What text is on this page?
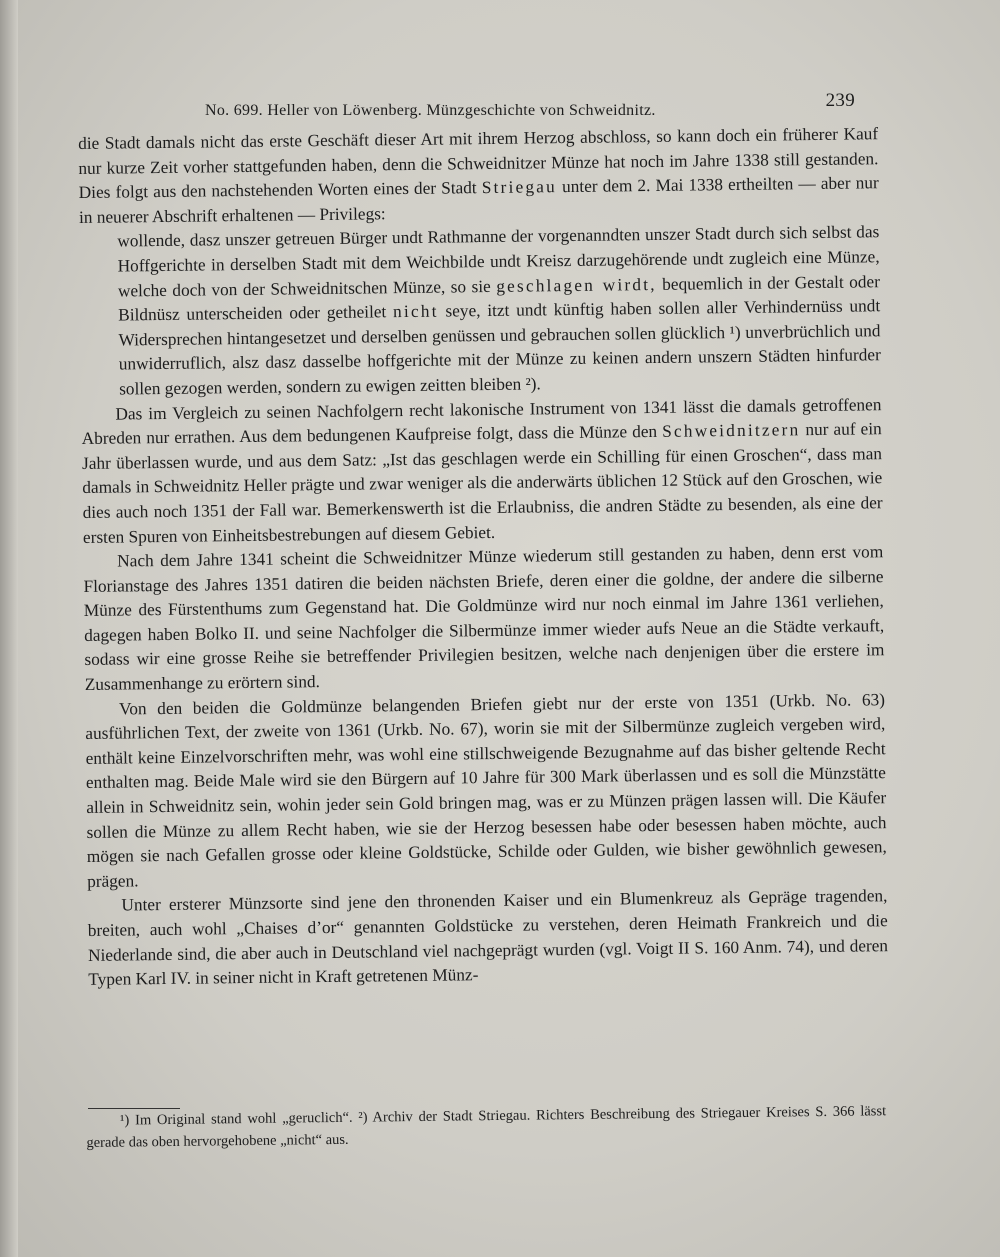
No. 699. Heller von Löwenberg. Münzgeschichte von Schweidnitz.	239

die Stadt damals nicht das erste Geschäft dieser Art mit ihrem Herzog abschloss, so kann doch ein früherer Kauf nur kurze Zeit vorher stattgefunden haben, denn die Schweidnitzer Münze hat noch im Jahre 1338 still gestanden. Dies folgt aus den nachstehenden Worten eines der Stadt Striegau unter dem 2. Mai 1338 ertheilten — aber nur in neuerer Abschrift erhaltenen — Privilegs:

wollende, dasz unszer getreuen Bürger undt Rathmanne der vorgenanndten unszer Stadt durch sich selbst das Hoffgerichte in derselben Stadt mit dem Weichbilde undt Kreisz darzugehörende undt zugleich eine Münze, welche doch von der Schweidnitschen Münze, so sie geschlagen wirdt, bequemlich in der Gestalt oder Bildnüsz unterscheiden oder getheilet nicht seye, itzt undt künftig haben sollen aller Verhindernüss undt Widersprechen hintangesetzet und derselben genüssen und gebrauchen sollen glücklich ¹) unverbrüchlich und unwiderruflich, alsz dasz dasselbe hoffgerichte mit der Münze zu keinen andern unszern Städten hinfurder sollen gezogen werden, sondern zu ewigen zeitten bleiben ²).

Das im Vergleich zu seinen Nachfolgern recht lakonische Instrument von 1341 lässt die damals getroffenen Abreden nur errathen. Aus dem bedungenen Kaufpreise folgt, dass die Münze den Schweidnitzern nur auf ein Jahr überlassen wurde, und aus dem Satz: „Ist das geschlagen werde ein Schilling für einen Groschen“, dass man damals in Schweidnitz Heller prägte und zwar weniger als die anderwärts üblichen 12 Stück auf den Groschen, wie dies auch noch 1351 der Fall war. Bemerkenswerth ist die Erlaubniss, die andren Städte zu besenden, als eine der ersten Spuren von Einheitsbestrebungen auf diesem Gebiet.

Nach dem Jahre 1341 scheint die Schweidnitzer Münze wiederum still gestanden zu haben, denn erst vom Florianstage des Jahres 1351 datiren die beiden nächsten Briefe, deren einer die goldne, der andere die silberne Münze des Fürstenthums zum Gegenstand hat. Die Goldmünze wird nur noch einmal im Jahre 1361 verliehen, dagegen haben Bolko II. und seine Nachfolger die Silbermünze immer wieder aufs Neue an die Städte verkauft, sodass wir eine grosse Reihe sie betreffender Privilegien besitzen, welche nach denjenigen über die erstere im Zusammenhange zu erörtern sind.

Von den beiden die Goldmünze belangenden Briefen giebt nur der erste von 1351 (Urkb. No. 63) ausführlichen Text, der zweite von 1361 (Urkb. No. 67), worin sie mit der Silbermünze zugleich vergeben wird, enthält keine Einzelvorschriften mehr, was wohl eine stillschweigende Bezugnahme auf das bisher geltende Recht enthalten mag. Beide Male wird sie den Bürgern auf 10 Jahre für 300 Mark überlassen und es soll die Münzstätte allein in Schweidnitz sein, wohin jeder sein Gold bringen mag, was er zu Münzen prägen lassen will. Die Käufer sollen die Münze zu allem Recht haben, wie sie der Herzog besessen habe oder besessen haben möchte, auch mögen sie nach Gefallen grosse oder kleine Goldstücke, Schilde oder Gulden, wie bisher gewöhnlich gewesen, prägen.

Unter ersterer Münzsorte sind jene den thronenden Kaiser und ein Blumenkreuz als Gepräge tragenden, breiten, auch wohl „Chaises d’or“ genannten Goldstücke zu verstehen, deren Heimath Frankreich und die Niederlande sind, die aber auch in Deutschland viel nachgeprägt wurden (vgl. Voigt II S. 160 Anm. 74), und deren Typen Karl IV. in seiner nicht in Kraft getretenen Münz-

¹) Im Original stand wohl „geruclich“. ²) Archiv der Stadt Striegau. Richters Beschreibung des Striegauer Kreises S. 366 lässt gerade das oben hervorgehobene „nicht“ aus.
